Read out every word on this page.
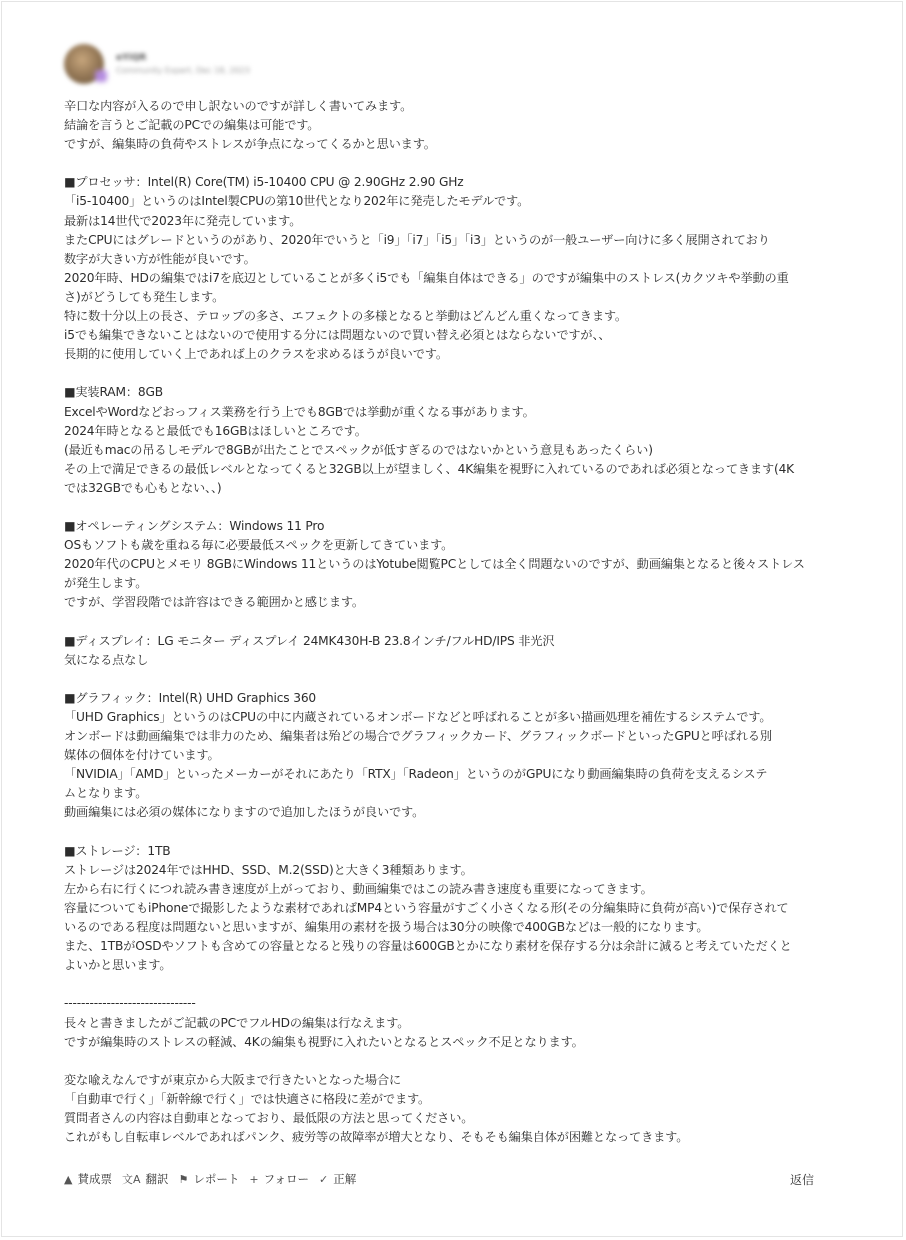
eYiQR
Community Expert, Dec 18, 2023

辛口な内容が入るので申し訳ないのですが詳しく書いてみます。

結論を言うとご記載のPCでの編集は可能です。

ですが、編集時の負荷やストレスが争点になってくるかと思います。

■プロセッサ：Intel(R) Core(TM) i5-10400 CPU @ 2.90GHz 2.90 GHz

「i5-10400」というのはIntel製CPUの第10世代となり202年に発売したモデルです。

最新は14世代で2023年に発売しています。

またCPUにはグレードというのがあり、2020年でいうと「i9」「i7」「i5」「i3」というのが一般ユーザー向けに多く展開されており

数字が大きい方が性能が良いです。

2020年時、HDの編集ではi7を底辺としていることが多くi5でも「編集自体はできる」のですが編集中のストレス(カクツキや挙動の重

さ)がどうしても発生します。

特に数十分以上の長さ、テロップの多さ、エフェクトの多様となると挙動はどんどん重くなってきます。

i5でも編集できないことはないので使用する分には問題ないので買い替え必須とはならないですが、、

長期的に使用していく上であれば上のクラスを求めるほうが良いです。

■実装RAM：8GB

ExcelやWordなどおっフィス業務を行う上でも8GBでは挙動が重くなる事があります。

2024年時となると最低でも16GBはほしいところです。

(最近もmacの吊るしモデルで8GBが出たことでスペックが低すぎるのではないかという意見もあったくらい)

その上で満足できるの最低レベルとなってくると32GB以上が望ましく、4K編集を視野に入れているのであれば必須となってきます(4K

では32GBでも心もとない、、)

■オペレーティングシステム：Windows 11 Pro

OSもソフトも歳を重ねる毎に必要最低スペックを更新してきています。

2020年代のCPUとメモリ 8GBにWindows 11というのはYotube閲覧PCとしては全く問題ないのですが、動画編集となると後々ストレス

が発生します。

ですが、学習段階では許容はできる範囲かと感じます。

■ディスプレイ：LG モニター ディスプレイ 24MK430H-B 23.8インチ/フルHD/IPS 非光沢

気になる点なし

■グラフィック：Intel(R) UHD Graphics 360

「UHD Graphics」というのはCPUの中に内蔵されているオンボードなどと呼ばれることが多い描画処理を補佐するシステムです。

オンボードは動画編集では非力のため、編集者は殆どの場合でグラフィックカード、グラフィックボードといったGPUと呼ばれる別

媒体の個体を付けています。

「NVIDIA」「AMD」といったメーカーがそれにあたり「RTX」「Radeon」というのがGPUになり動画編集時の負荷を支えるシステ

ムとなります。

動画編集には必須の媒体になりますので追加したほうが良いです。

■ストレージ：1TB

ストレージは2024年ではHHD、SSD、M.2(SSD)と大きく3種類あります。

左から右に行くにつれ読み書き速度が上がっており、動画編集ではこの読み書き速度も重要になってきます。

容量についてもiPhoneで撮影したような素材であればMP4という容量がすごく小さくなる形(その分編集時に負荷が高い)で保存されて

いるのである程度は問題ないと思いますが、編集用の素材を扱う場合は30分の映像で400GBなどは一般的になります。

また、1TBがOSDやソフトも含めての容量となると残りの容量は600GBとかになり素材を保存する分は余計に減ると考えていただくと

よいかと思います。

-------------------------------

長々と書きましたがご記載のPCでフルHDの編集は行なえます。

ですが編集時のストレスの軽減、4Kの編集も視野に入れたいとなるとスペック不足となります。

変な喩えなんですが東京から大阪まで行きたいとなった場合に

「自動車で行く」「新幹線で行く」では快適さに格段に差がでます。

質問者さんの内容は自動車となっており、最低限の方法と思ってください。

これがもし自転車レベルであればパンク、疲労等の故障率が増大となり、そもそも編集自体が困難となってきます。

▲ 賛成票 文A 翻訳 ⚑ レポート + フォロー ✓ 正解	返信
